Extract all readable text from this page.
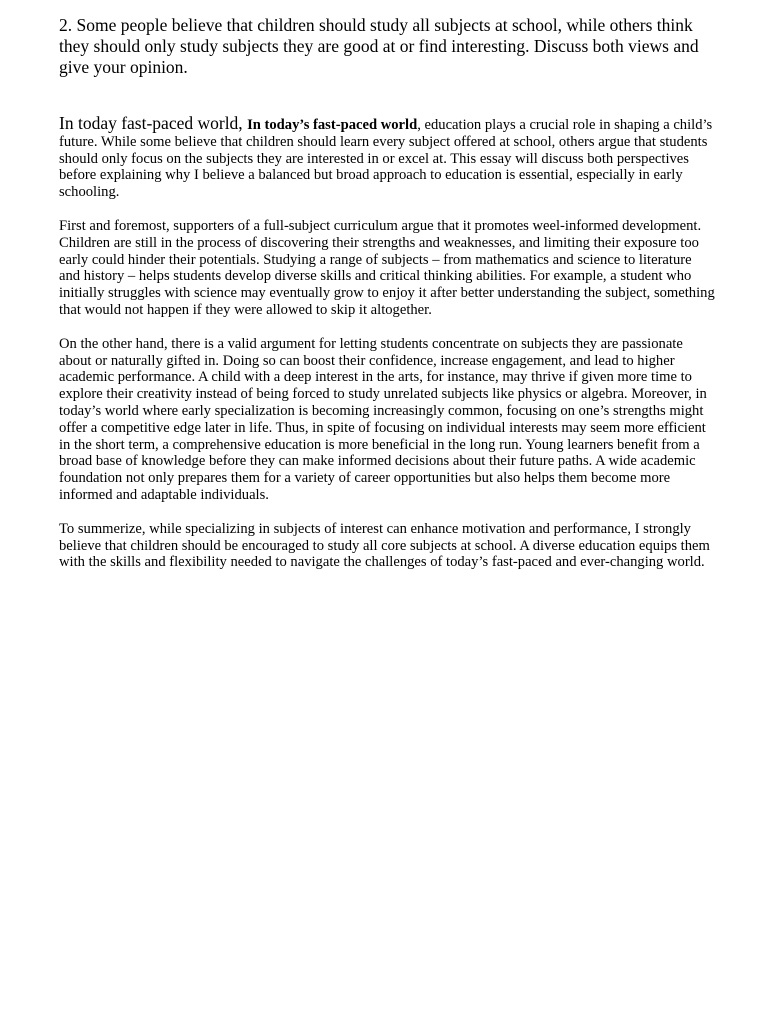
2. Some people believe that children should study all subjects at school, while others think they should only study subjects they are good at or find interesting. Discuss both views and give your opinion.

In today fast-paced world, In today’s fast-paced world, education plays a crucial role in shaping a child’s future. While some believe that children should learn every subject offered at school, others argue that students should only focus on the subjects they are interested in or excel at. This essay will discuss both perspectives before explaining why I believe a balanced but broad approach to education is essential, especially in early schooling.

First and foremost, supporters of a full-subject curriculum argue that it promotes weel-informed development. Children are still in the process of discovering their strengths and weaknesses, and limiting their exposure too early could hinder their potentials. Studying a range of subjects – from mathematics and science to literature and history – helps students develop diverse skills and critical thinking abilities. For example, a student who initially struggles with science may eventually grow to enjoy it after better understanding the subject, something that would not happen if they were allowed to skip it altogether.

On the other hand, there is a valid argument for letting students concentrate on subjects they are passionate about or naturally gifted in. Doing so can boost their confidence, increase engagement, and lead to higher academic performance. A child with a deep interest in the arts, for instance, may thrive if given more time to explore their creativity instead of being forced to study unrelated subjects like physics or algebra. Moreover, in today’s world where early specialization is becoming increasingly common, focusing on one’s strengths might offer a competitive edge later in life. Thus, in spite of focusing on individual interests may seem more efficient in the short term, a comprehensive education is more beneficial in the long run. Young learners benefit from a broad base of knowledge before they can make informed decisions about their future paths. A wide academic foundation not only prepares them for a variety of career opportunities but also helps them become more informed and adaptable individuals.

To summerize, while specializing in subjects of interest can enhance motivation and performance, I strongly believe that children should be encouraged to study all core subjects at school. A diverse education equips them with the skills and flexibility needed to navigate the challenges of today’s fast-paced and ever-changing world.
